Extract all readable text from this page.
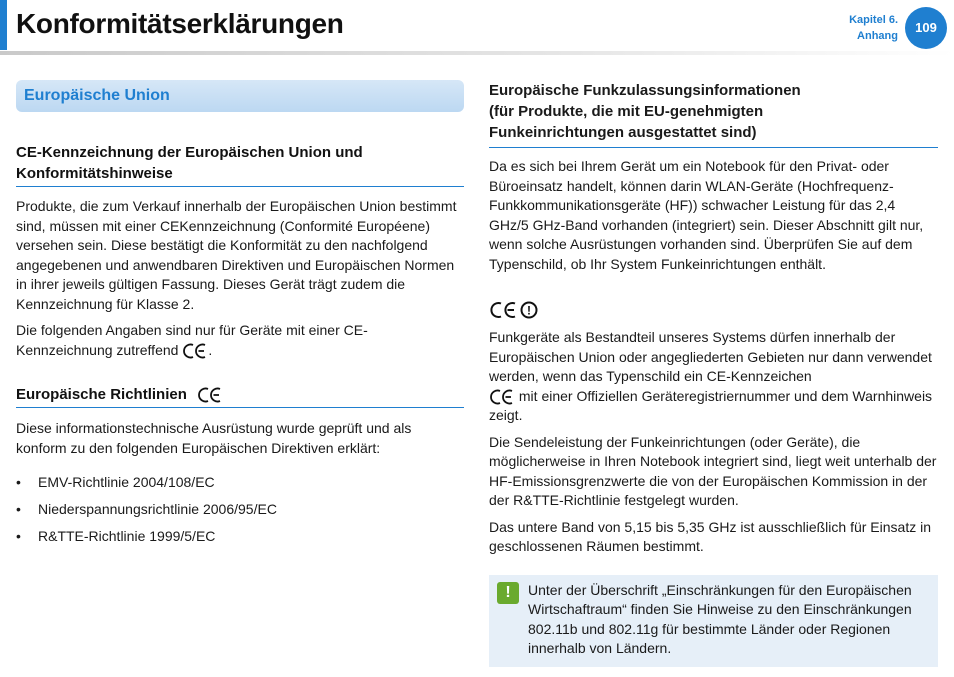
Konformitätserklärungen	Kapitel 6.
Anhang
109
Europäische Union
CE-Kennzeichnung der Europäischen Union und Konformitätshinweise

Produkte, die zum Verkauf innerhalb der Europäischen Union bestimmt sind, müssen mit einer CEKennzeichnung (Conformité Européene) versehen sein. Diese bestätigt die Konformität zu den nachfolgend angegebenen und anwendbaren Direktiven und Europäischen Normen in ihrer jeweils gültigen Fassung. Dieses Gerät trägt zudem die Kennzeichnung für Klasse 2.

Die folgenden Angaben sind nur für Geräte mit einer CE-Kennzeichnung zutreffend .

Europäische Richtlinien

Diese informationstechnische Ausrüstung wurde geprüft und als konform zu den folgenden Europäischen Direktiven erklärt:

• EMV-Richtlinie 2004/108/EC
• Niederspannungsrichtlinie 2006/95/EC
• R&TTE-Richtlinie 1999/5/EC
Europäische Funkzulassungsinformationen
(für Produkte, die mit EU-genehmigten
Funkeinrichtungen ausgestattet sind)

Da es sich bei Ihrem Gerät um ein Notebook für den Privat- oder Büroeinsatz handelt, können darin WLAN-Geräte (Hochfrequenz-Funkkommunikationsgeräte (HF)) schwacher Leistung für das 2,4 GHz/5 GHz-Band vorhanden (integriert) sein. Dieser Abschnitt gilt nur, wenn solche Ausrüstungen vorhanden sind. Überprüfen Sie auf dem Typenschild, ob Ihr System Funkeinrichtungen enthält.

!

Funkgeräte als Bestandteil unseres Systems dürfen innerhalb der Europäischen Union oder angegliederten Gebieten nur dann verwendet werden, wenn das Typenschild ein CE-Kennzeichen
mit einer Offiziellen Geräteregistriernummer und dem Warnhinweis zeigt.

Die Sendeleistung der Funkeinrichtungen (oder Geräte), die möglicherweise in Ihren Notebook integriert sind, liegt weit unterhalb der HF-Emissionsgrenzwerte die von der Europäischen Kommission in der der R&TTE-Richtlinie festgelegt wurden.

Das untere Band von 5,15 bis 5,35 GHz ist ausschließlich für Einsatz in geschlossenen Räumen bestimmt.

!	Unter der Überschrift „Einschränkungen für den Europäischen Wirtschaftraum“ finden Sie Hinweise zu den Einschränkungen 802.11b und 802.11g für bestimmte Länder oder Regionen innerhalb von Ländern.
